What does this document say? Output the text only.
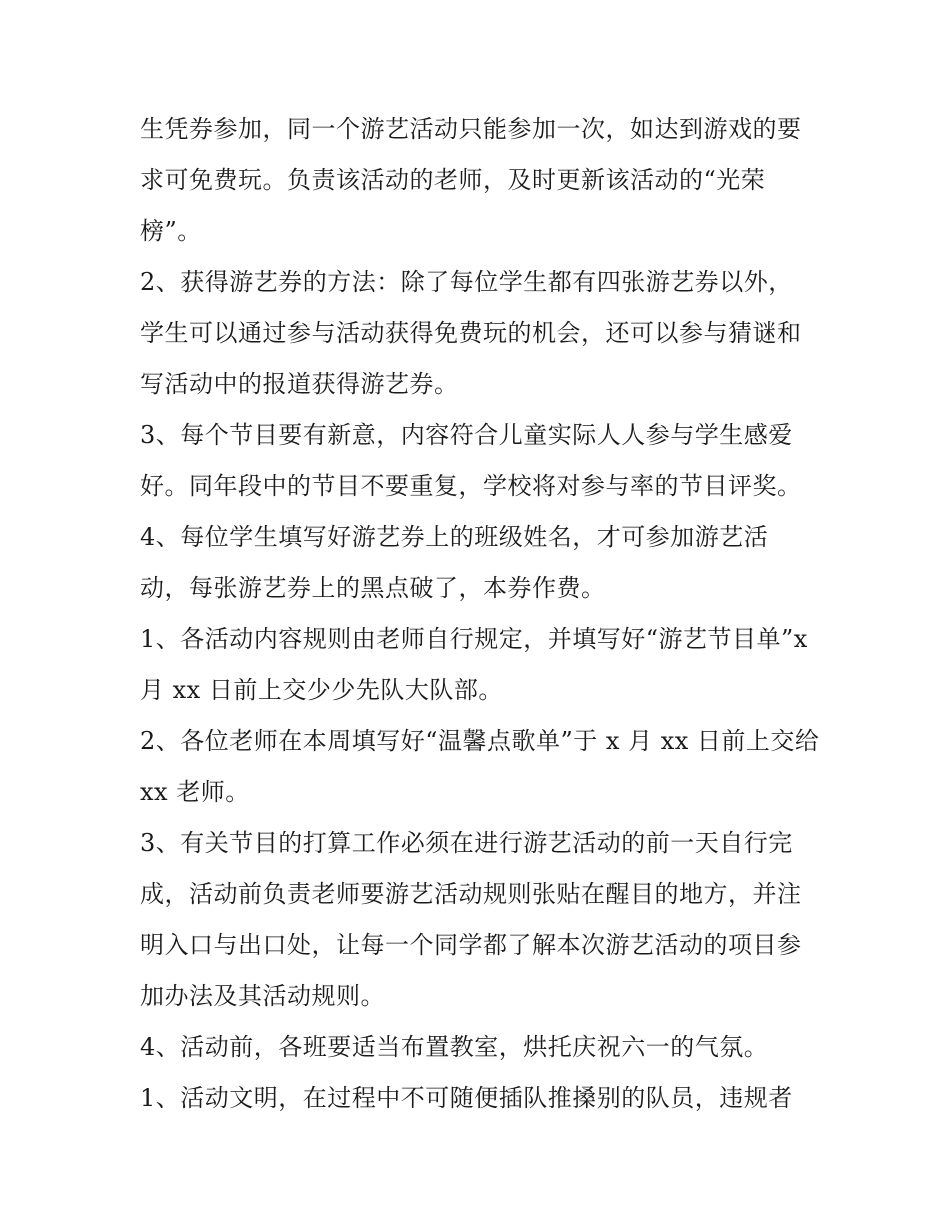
生凭券参加，同一个游艺活动只能参加一次，如达到游戏的要
求可免费玩。负责该活动的老师，及时更新该活动的“光荣
榜”。
2、获得游艺券的方法：除了每位学生都有四张游艺券以外，
学生可以通过参与活动获得免费玩的机会，还可以参与猜谜和
写活动中的报道获得游艺券。
3、每个节目要有新意，内容符合儿童实际人人参与学生感爱
好。同年段中的节目不要重复，学校将对参与率的节目评奖。
4、每位学生填写好游艺券上的班级姓名，才可参加游艺活
动，每张游艺券上的黑点破了，本券作费。
1、各活动内容规则由老师自行规定，并填写好“游艺节目单”x
月 xx 日前上交少少先队大队部。
2、各位老师在本周填写好“温馨点歌单”于 x 月 xx 日前上交给
xx 老师。
3、有关节目的打算工作必须在进行游艺活动的前一天自行完
成，活动前负责老师要游艺活动规则张贴在醒目的地方，并注
明入口与出口处，让每一个同学都了解本次游艺活动的项目参
加办法及其活动规则。
4、活动前，各班要适当布置教室，烘托庆祝六一的气氛。
1、活动文明，在过程中不可随便插队推搡别的队员，违规者
